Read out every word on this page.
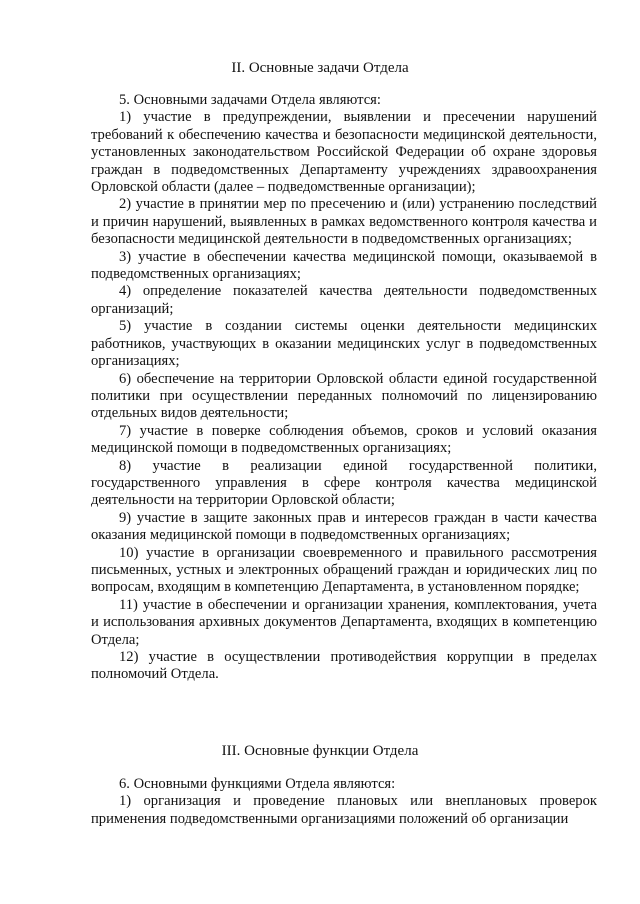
II. Основные задачи Отдела

5. Основными задачами Отдела являются:

1) участие в предупреждении, выявлении и пресечении нарушений требований к обеспечению качества и безопасности медицинской деятельности, установленных законодательством Российской Федерации об охране здоровья граждан в подведомственных Департаменту учреждениях здравоохранения Орловской области (далее – подведомственные организации);

2) участие в принятии мер по пресечению и (или) устранению последствий и причин нарушений, выявленных в рамках ведомственного контроля качества и безопасности медицинской деятельности в подведомственных организациях;

3) участие в обеспечении качества медицинской помощи, оказываемой в подведомственных организациях;

4) определение показателей качества деятельности подведомственных организаций;

5) участие в создании системы оценки деятельности медицинских работников, участвующих в оказании медицинских услуг в подведомственных организациях;

6) обеспечение на территории Орловской области единой государственной политики при осуществлении переданных полномочий по лицензированию отдельных видов деятельности;

7) участие в поверке соблюдения объемов, сроков и условий оказания медицинской помощи в подведомственных организациях;

8) участие в реализации единой государственной политики, государственного управления в сфере контроля качества медицинской деятельности на территории Орловской области;

9) участие в защите законных прав и интересов граждан в части качества оказания медицинской помощи в подведомственных организациях;

10) участие в организации своевременного и правильного рассмотрения письменных, устных и электронных обращений граждан и юридических лиц по вопросам, входящим в компетенцию Департамента, в установленном порядке;

11) участие в обеспечении и организации хранения, комплектования, учета и использования архивных документов Департамента, входящих в компетенцию Отдела;

12) участие в осуществлении противодействия коррупции в пределах полномочий Отдела.

III. Основные функции Отдела

6. Основными функциями Отдела являются:

1) организация и проведение плановых или внеплановых проверок применения подведомственными организациями положений об организации
